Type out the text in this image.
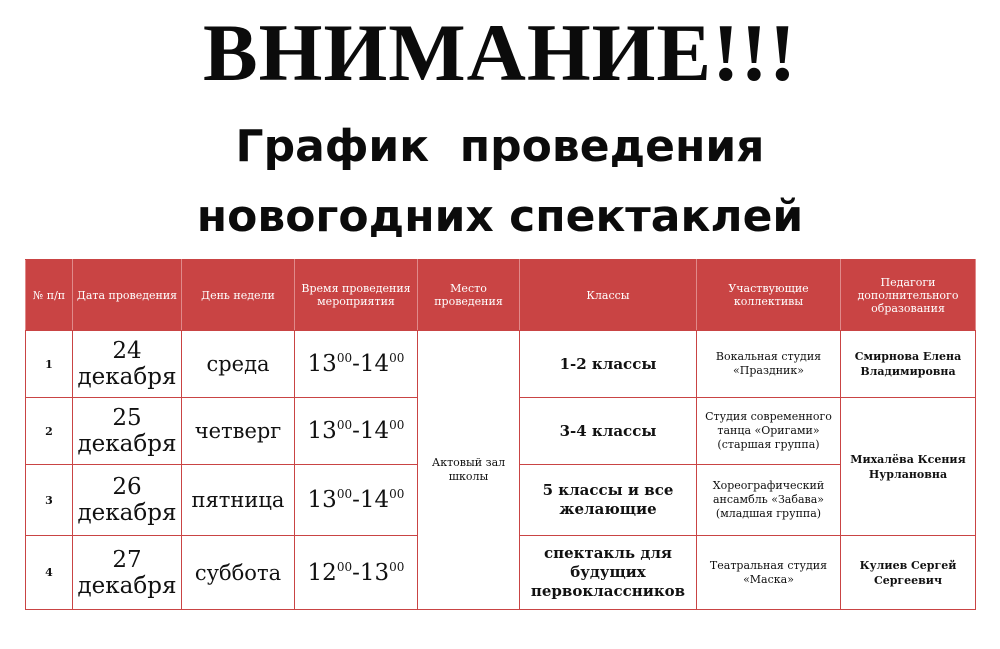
ВНИМАНИЕ!!!
График  проведения
новогодних спектаклей
№ п/п	Дата проведения	День недели	Время проведения мероприятия	Место проведения	Классы	Участвующие коллективы	Педагоги дополнительного образования
1	24 декабря	среда	$13^{00}-14^{00}$	Актовый зал школы	1-2 классы	Вокальная студия «Праздник»	Смирнова Елена Владимировна
2	25 декабря	четверг	$13^{00}-14^{00}$		3-4 классы	Студия современного танца «Оригами» (старшая группа)	Михалёва Ксения Нурлановна
3	26 декабря	пятница	$13^{00}-14^{00}$		5 классы и все желающие	Хореографический ансамбль «Забава» (младшая группа)	
4	27 декабря	суббота	$12^{00}-13^{00}$		спектакль для будущих первоклассников	Театральная студия «Маска»	Кулиев Сергей Сергеевич
